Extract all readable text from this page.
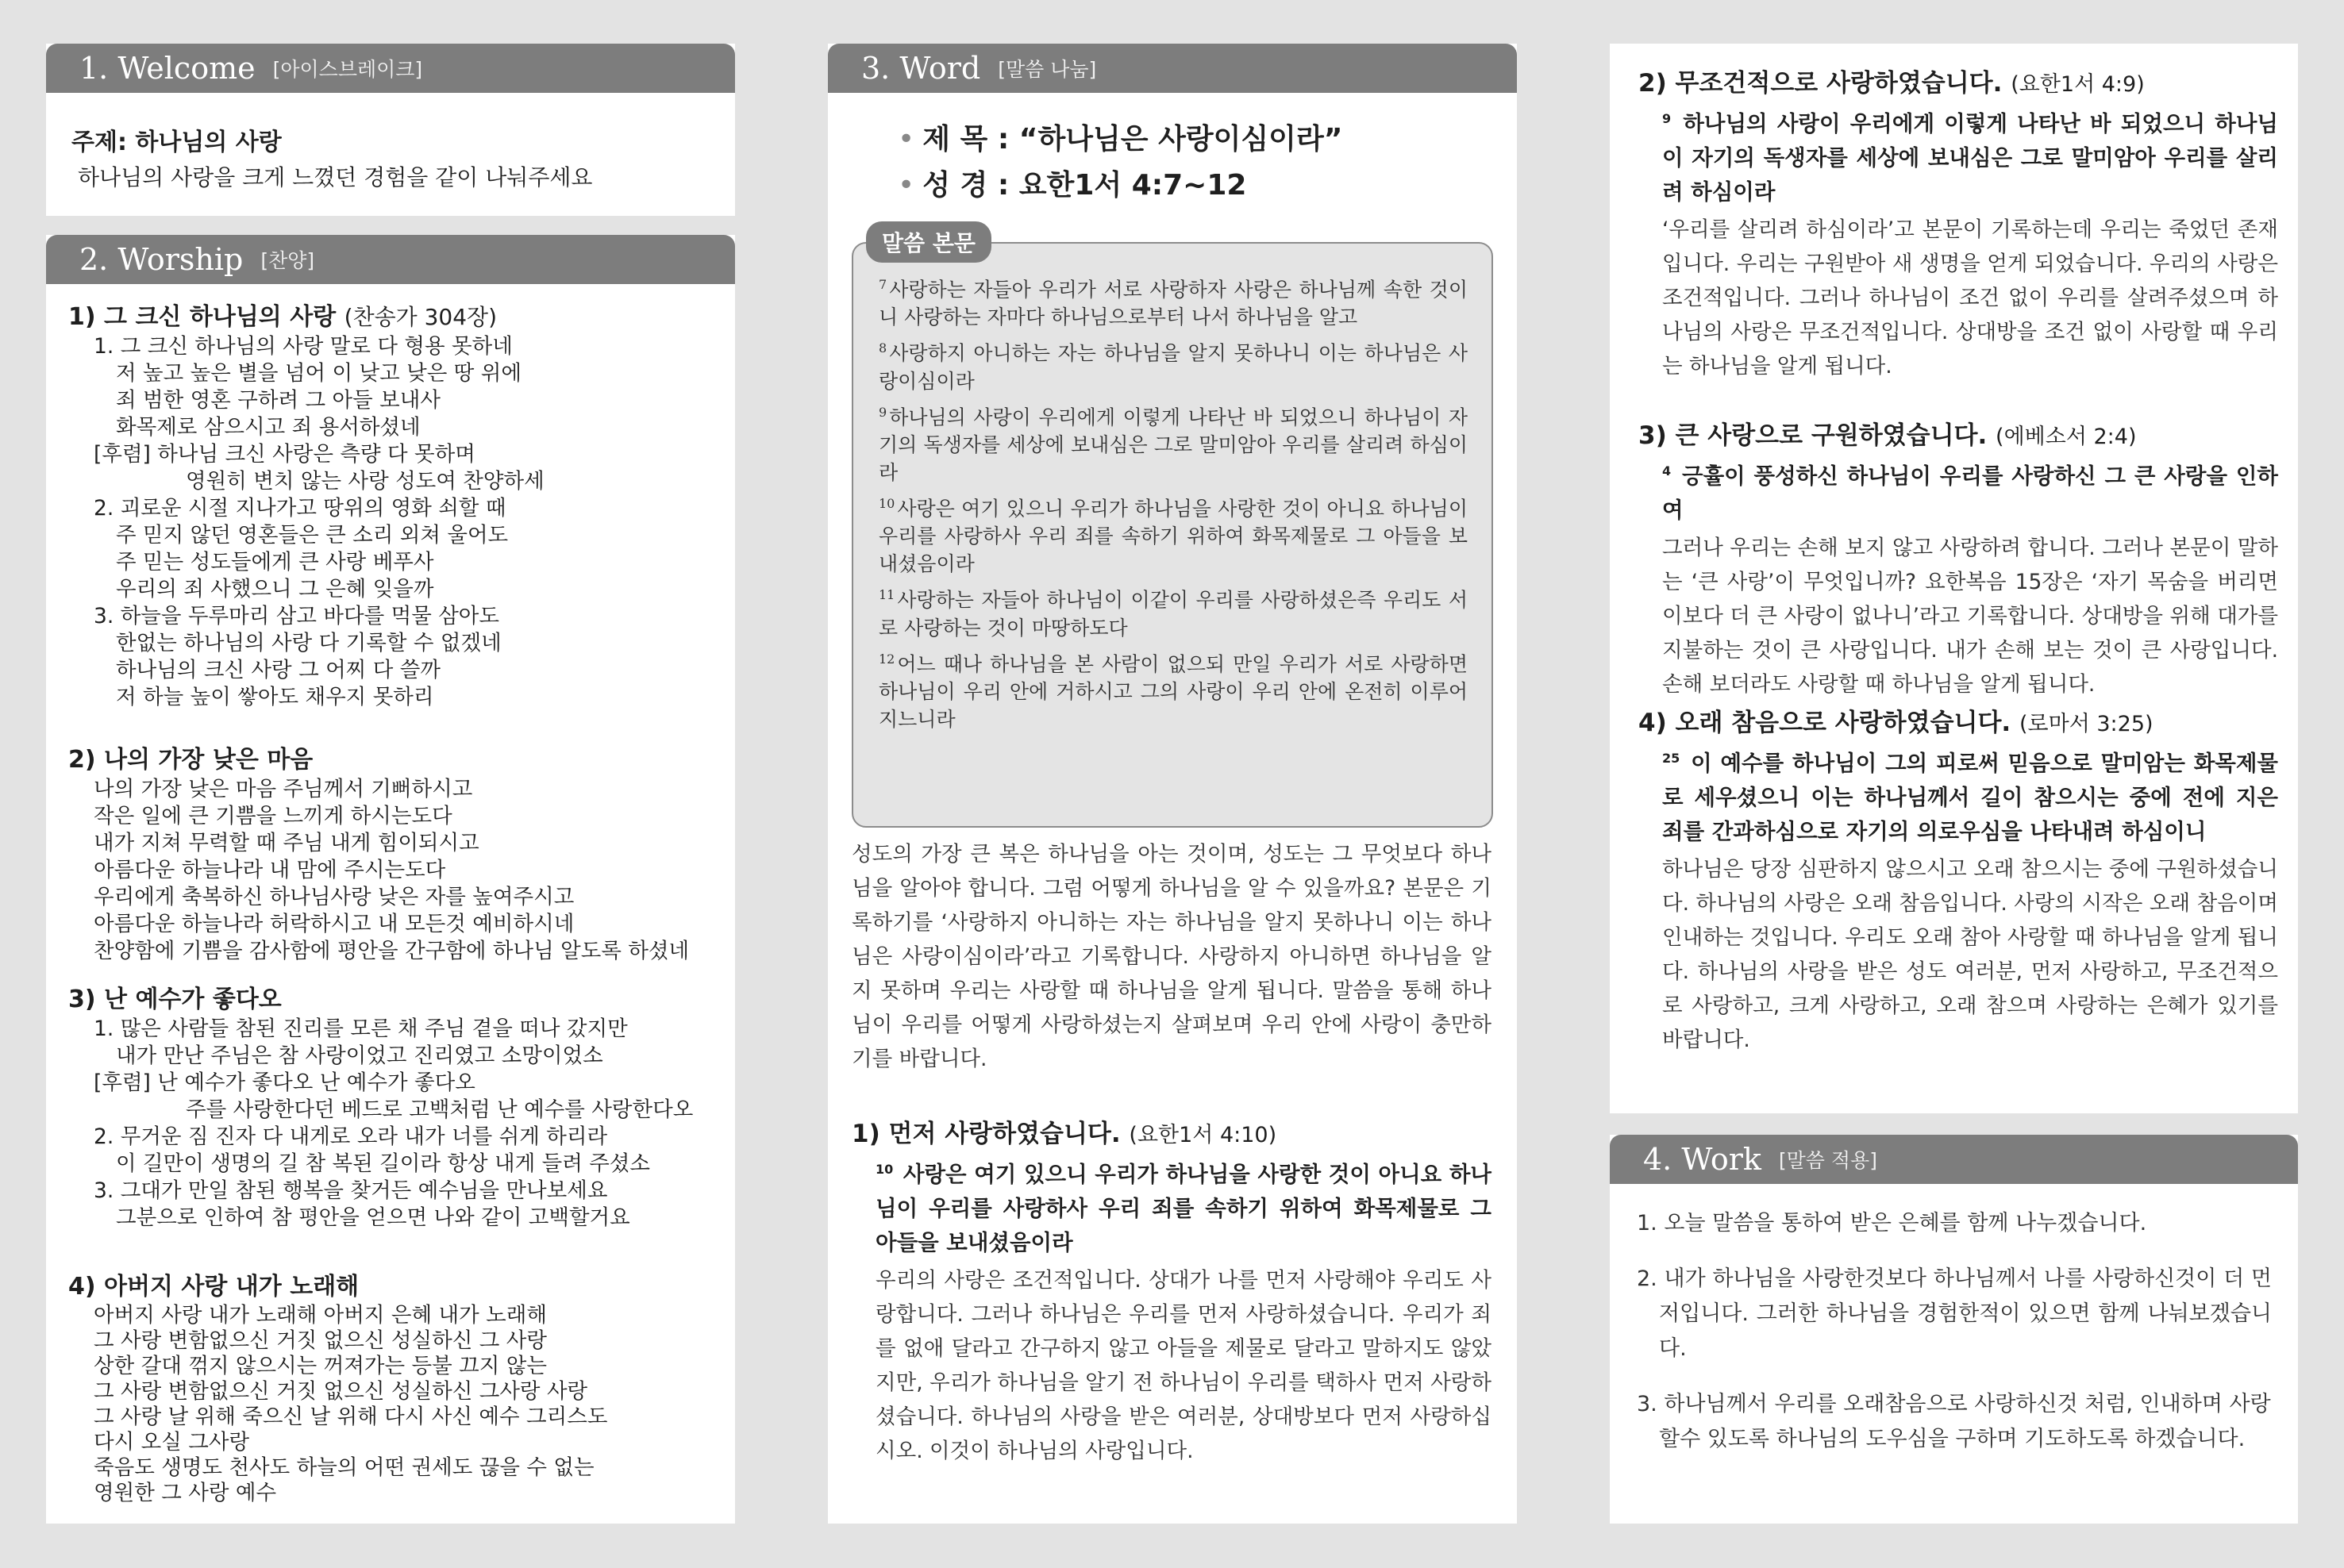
1. Welcome [아이스브레이크]
주제: 하나님의 사랑
하나님의 사랑을 크게 느꼈던 경험을 같이 나눠주세요
2. Worship [찬양]
1) 그 크신 하나님의 사랑 (찬송가 304장)
1. 그 크신 하나님의 사랑 말로 다 형용 못하네
저 높고 높은 별을 넘어 이 낮고 낮은 땅 위에
죄 범한 영혼 구하려 그 아들 보내사
화목제로 삼으시고 죄 용서하셨네
[후렴] 하나님 크신 사랑은 측량 다 못하며
영원히 변치 않는 사랑 성도여 찬양하세
2. 괴로운 시절 지나가고 땅위의 영화 쇠할 때
주 믿지 않던 영혼들은 큰 소리 외쳐 울어도
주 믿는 성도들에게 큰 사랑 베푸사
우리의 죄 사했으니 그 은혜 잊을까
3. 하늘을 두루마리 삼고 바다를 먹물 삼아도
한없는 하나님의 사랑 다 기록할 수 없겠네
하나님의 크신 사랑 그 어찌 다 쓸까
저 하늘 높이 쌓아도 채우지 못하리
2) 나의 가장 낮은 마음
나의 가장 낮은 마음 주님께서 기뻐하시고
작은 일에 큰 기쁨을 느끼게 하시는도다
내가 지쳐 무력할 때 주님 내게 힘이되시고
아름다운 하늘나라 내 맘에 주시는도다
우리에게 축복하신 하나님사랑 낮은 자를 높여주시고
아름다운 하늘나라 허락하시고 내 모든것 예비하시네
찬양함에 기쁨을 감사함에 평안을 간구함에 하나님 알도록 하셨네
3) 난 예수가 좋다오
1. 많은 사람들 참된 진리를 모른 채 주님 곁을 떠나 갔지만
내가 만난 주님은 참 사랑이었고 진리였고 소망이었소
[후렴] 난 예수가 좋다오 난 예수가 좋다오
주를 사랑한다던 베드로 고백처럼 난 예수를 사랑한다오
2. 무거운 짐 진자 다 내게로 오라 내가 너를 쉬게 하리라
이 길만이 생명의 길 참 복된 길이라 항상 내게 들려 주셨소
3. 그대가 만일 참된 행복을 찾거든 예수님을 만나보세요
그분으로 인하여 참 평안을 얻으면 나와 같이 고백할거요
4) 아버지 사랑 내가 노래해
아버지 사랑 내가 노래해 아버지 은혜 내가 노래해
그 사랑 변함없으신 거짓 없으신 성실하신 그 사랑
상한 갈대 꺾지 않으시는 꺼져가는 등불 끄지 않는
그 사랑 변함없으신 거짓 없으신 성실하신 그사랑 사랑
그 사랑 날 위해 죽으신 날 위해 다시 사신 예수 그리스도
다시 오실 그사랑
죽음도 생명도 천사도 하늘의 어떤 권세도 끊을 수 없는
영원한 그 사랑 예수
3. Word [말씀 나눔]
• 제 목 : “하나님은 사랑이심이라”
• 성 경 : 요한1서 4:7~12

$^7$ 사랑하는 자들아 우리가 서로 사랑하자 사랑은 하나님께 속한 것이니 사랑하는 자마다 하나님으로부터 나서 하나님을 알고

$^8$ 사랑하지 아니하는 자는 하나님을 알지 못하나니 이는 하나님은 사랑이심이라

$^9$ 하나님의 사랑이 우리에게 이렇게 나타난 바 되었으니 하나님이 자기의 독생자를 세상에 보내심은 그로 말미암아 우리를 살리려 하심이라

$^{10}$ 사랑은 여기 있으니 우리가 하나님을 사랑한 것이 아니요 하나님이 우리를 사랑하사 우리 죄를 속하기 위하여 화목제물로 그 아들을 보내셨음이라

$^{11}$ 사랑하는 자들아 하나님이 이같이 우리를 사랑하셨은즉 우리도 서로 사랑하는 것이 마땅하도다

$^{12}$ 어느 때나 하나님을 본 사람이 없으되 만일 우리가 서로 사랑하면 하나님이 우리 안에 거하시고 그의 사랑이 우리 안에 온전히 이루어지느니라

말씀 본문
성도의 가장 큰 복은 하나님을 아는 것이며, 성도는 그 무엇보다 하나님을 알아야 합니다. 그럼 어떻게 하나님을 알 수 있을까요? 본문은 기록하기를 ‘사랑하지 아니하는 자는 하나님을 알지 못하나니 이는 하나님은 사랑이심이라’라고 기록합니다. 사랑하지 아니하면 하나님을 알지 못하며 우리는 사랑할 때 하나님을 알게 됩니다. 말씀을 통해 하나님이 우리를 어떻게 사랑하셨는지 살펴보며 우리 안에 사랑이 충만하기를 바랍니다.
1) 먼저 사랑하였습니다. (요한1서 4:10)
$^{10}$ 사랑은 여기 있으니 우리가 하나님을 사랑한 것이 아니요 하나님이 우리를 사랑하사 우리 죄를 속하기 위하여 화목제물로 그 아들을 보내셨음이라
우리의 사랑은 조건적입니다. 상대가 나를 먼저 사랑해야 우리도 사랑합니다. 그러나 하나님은 우리를 먼저 사랑하셨습니다. 우리가 죄를 없애 달라고 간구하지 않고 아들을 제물로 달라고 말하지도 않았지만, 우리가 하나님을 알기 전 하나님이 우리를 택하사 먼저 사랑하셨습니다. 하나님의 사랑을 받은 여러분, 상대방보다 먼저 사랑하십시오. 이것이 하나님의 사랑입니다.
2) 무조건적으로 사랑하였습니다. (요한1서 4:9)
$^9$ 하나님의 사랑이 우리에게 이렇게 나타난 바 되었으니 하나님이 자기의 독생자를 세상에 보내심은 그로 말미암아 우리를 살리려 하심이라
‘우리를 살리려 하심이라’고 본문이 기록하는데 우리는 죽었던 존재입니다. 우리는 구원받아 새 생명을 얻게 되었습니다. 우리의 사랑은 조건적입니다. 그러나 하나님이 조건 없이 우리를 살려주셨으며 하나님의 사랑은 무조건적입니다. 상대방을 조건 없이 사랑할 때 우리는 하나님을 알게 됩니다.
3) 큰 사랑으로 구원하였습니다. (에베소서 2:4)
$^4$ 긍휼이 풍성하신 하나님이 우리를 사랑하신 그 큰 사랑을 인하여
그러나 우리는 손해 보지 않고 사랑하려 합니다. 그러나 본문이 말하는 ‘큰 사랑’이 무엇입니까? 요한복음 15장은 ‘자기 목숨을 버리면 이보다 더 큰 사랑이 없나니’라고 기록합니다. 상대방을 위해 대가를 지불하는 것이 큰 사랑입니다. 내가 손해 보는 것이 큰 사랑입니다. 손해 보더라도 사랑할 때 하나님을 알게 됩니다.
4) 오래 참음으로 사랑하였습니다. (로마서 3:25)
$^{25}$ 이 예수를 하나님이 그의 피로써 믿음으로 말미암는 화목제물로 세우셨으니 이는 하나님께서 길이 참으시는 중에 전에 지은 죄를 간과하심으로 자기의 의로우심을 나타내려 하심이니
하나님은 당장 심판하지 않으시고 오래 참으시는 중에 구원하셨습니다. 하나님의 사랑은 오래 참음입니다. 사랑의 시작은 오래 참음이며 인내하는 것입니다. 우리도 오래 참아 사랑할 때 하나님을 알게 됩니다. 하나님의 사랑을 받은 성도 여러분, 먼저 사랑하고, 무조건적으로 사랑하고, 크게 사랑하고, 오래 참으며 사랑하는 은혜가 있기를 바랍니다.
4. Work [말씀 적용]
1. 오늘 말씀을 통하여 받은 은혜를 함께 나누겠습니다.
2. 내가 하나님을 사랑한것보다 하나님께서 나를 사랑하신것이 더 먼저입니다. 그러한 하나님을 경험한적이 있으면 함께 나눠보겠습니다.
3. 하나님께서 우리를 오래참음으로 사랑하신것 처럼, 인내하며 사랑할수 있도록 하나님의 도우심을 구하며 기도하도록 하겠습니다.
